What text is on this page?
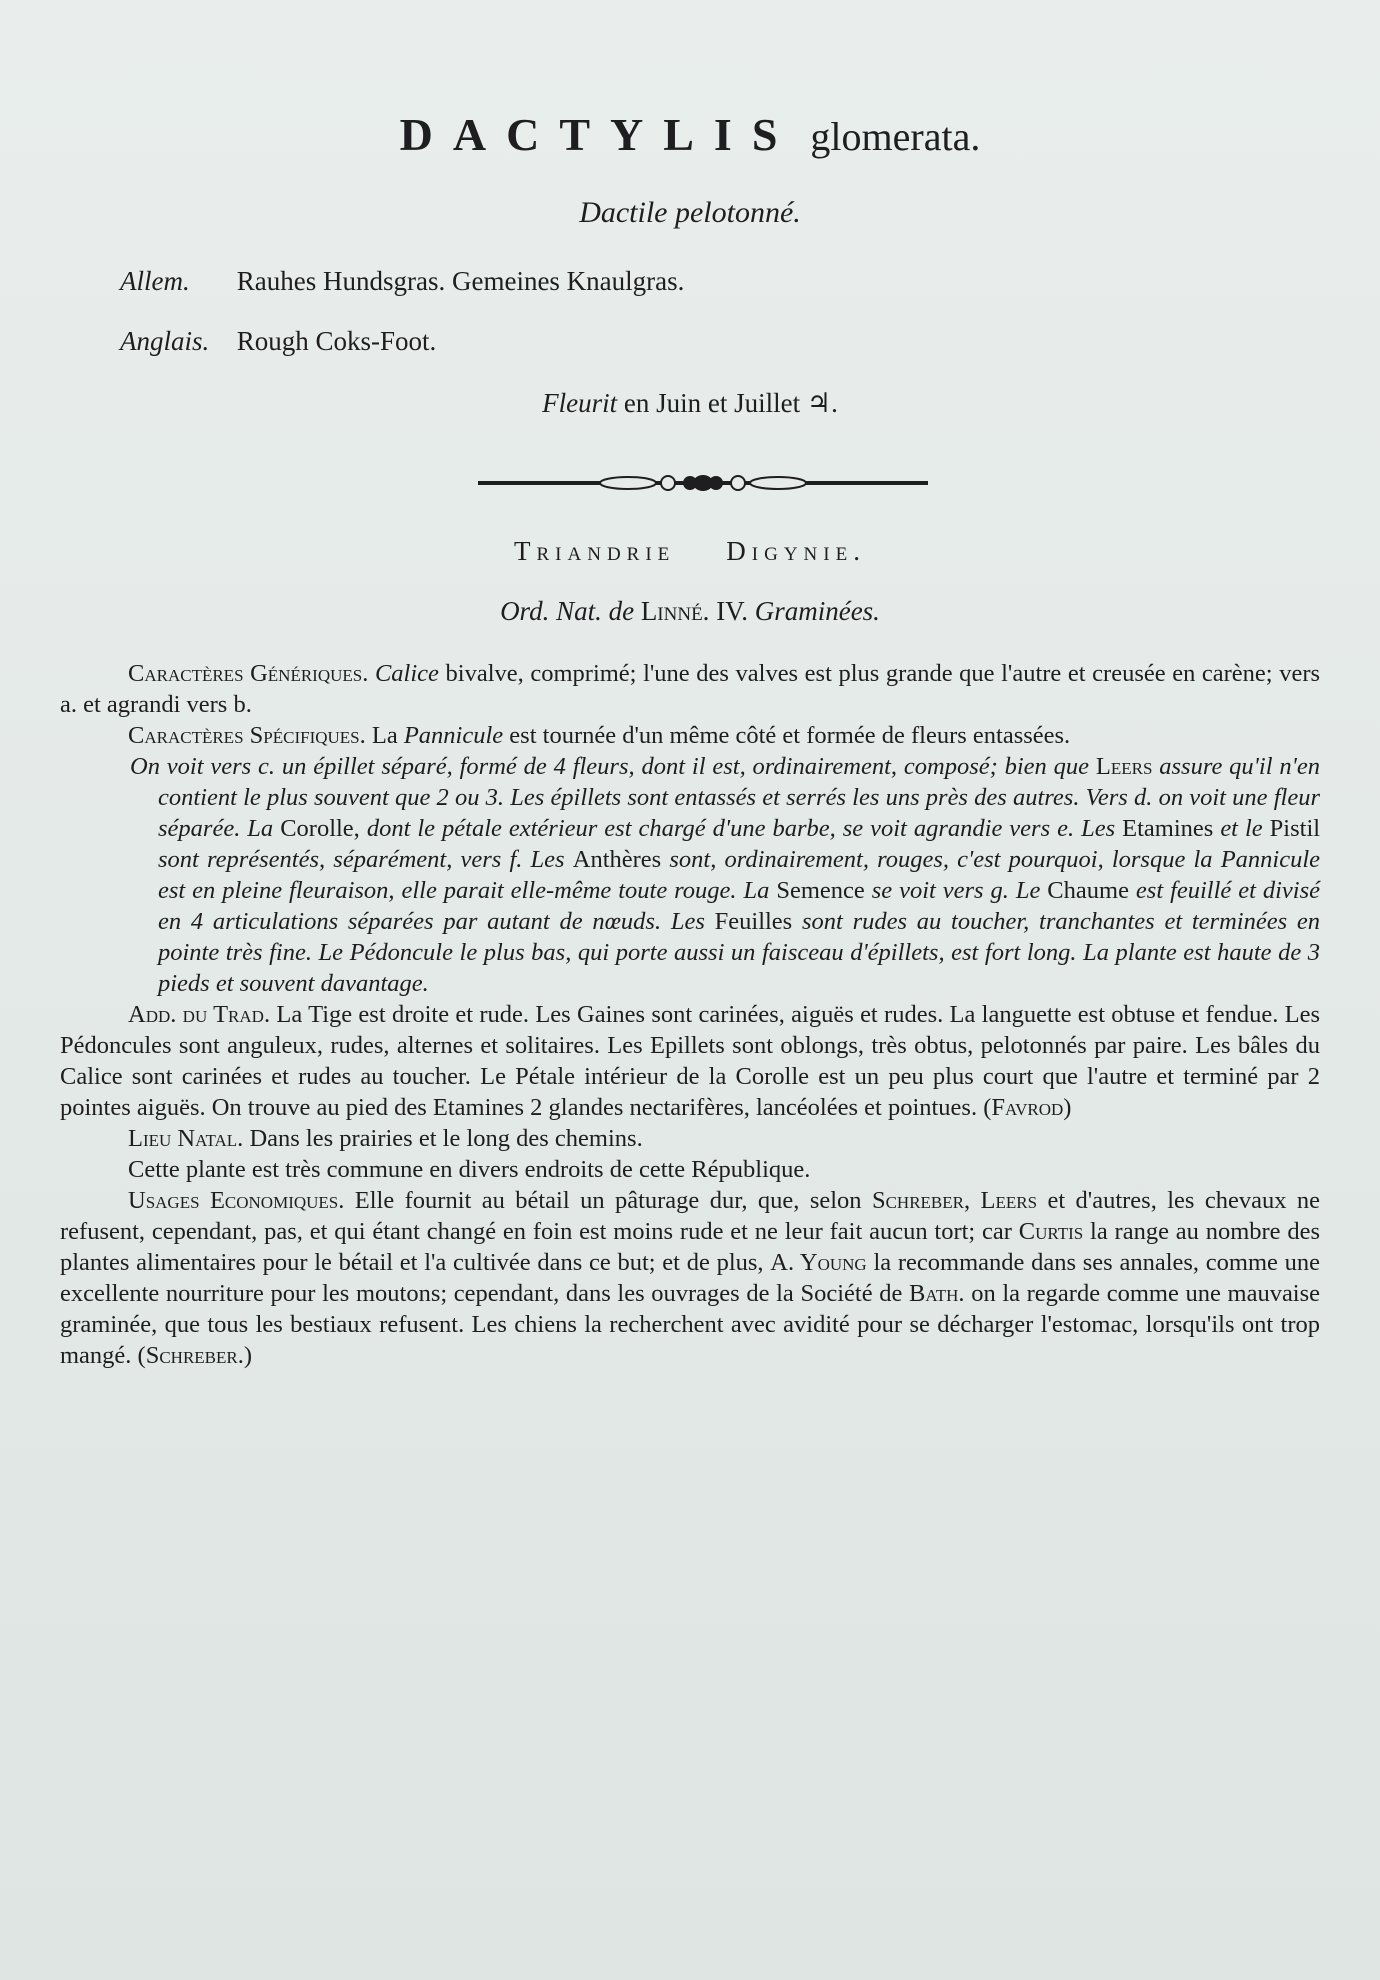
DACTYLIS glomerata.
Dactile pelotonné.
Allem. Rauhes Hundsgras. Gemeines Knaulgras.
Anglais. Rough Coks-Foot.
Fleurit en Juin et Juillet ♃.
Triandrie Digynie.
Ord. Nat. de Linné. IV. Graminées.

Caractères Génériques. Calice bivalve, comprimé; l'une des valves est plus grande que l'autre et creusée en carène; vers a. et agrandi vers b.

Caractères Spécifiques. La Pannicule est tournée d'un même côté et formée de fleurs entassées.

On voit vers c. un épillet séparé, formé de 4 fleurs, dont il est, ordinairement, composé; bien que Leers assure qu'il n'en contient le plus souvent que 2 ou 3. Les épillets sont entassés et serrés les uns près des autres. Vers d. on voit une fleur séparée. La Corolle, dont le pétale extérieur est chargé d'une barbe, se voit agrandie vers e. Les Etamines et le Pistil sont représentés, séparément, vers f. Les Anthères sont, ordinairement, rouges, c'est pourquoi, lorsque la Pannicule est en pleine fleuraison, elle parait elle-même toute rouge. La Semence se voit vers g. Le Chaume est feuillé et divisé en 4 articulations séparées par autant de nœuds. Les Feuilles sont rudes au toucher, tranchantes et terminées en pointe très fine. Le Pédoncule le plus bas, qui porte aussi un faisceau d'épillets, est fort long. La plante est haute de 3 pieds et souvent davantage.

Add. du Trad. La Tige est droite et rude. Les Gaines sont carinées, aiguës et rudes. La languette est obtuse et fendue. Les Pédoncules sont anguleux, rudes, alternes et solitaires. Les Epillets sont oblongs, très obtus, pelotonnés par paire. Les bâles du Calice sont carinées et rudes au toucher. Le Pétale intérieur de la Corolle est un peu plus court que l'autre et terminé par 2 pointes aiguës. On trouve au pied des Etamines 2 glandes nectarifères, lancéolées et pointues. (Favrod)

Lieu Natal. Dans les prairies et le long des chemins.

Cette plante est très commune en divers endroits de cette République.

Usages Economiques. Elle fournit au bétail un pâturage dur, que, selon Schreber, Leers et d'autres, les chevaux ne refusent, cependant, pas, et qui étant changé en foin est moins rude et ne leur fait aucun tort; car Curtis la range au nombre des plantes alimentaires pour le bétail et l'a cultivée dans ce but; et de plus, A. Young la recommande dans ses annales, comme une excellente nourriture pour les moutons; cependant, dans les ouvrages de la Société de Bath. on la regarde comme une mauvaise graminée, que tous les bestiaux refusent. Les chiens la recherchent avec avidité pour se décharger l'estomac, lorsqu'ils ont trop mangé. (Schreber.)
